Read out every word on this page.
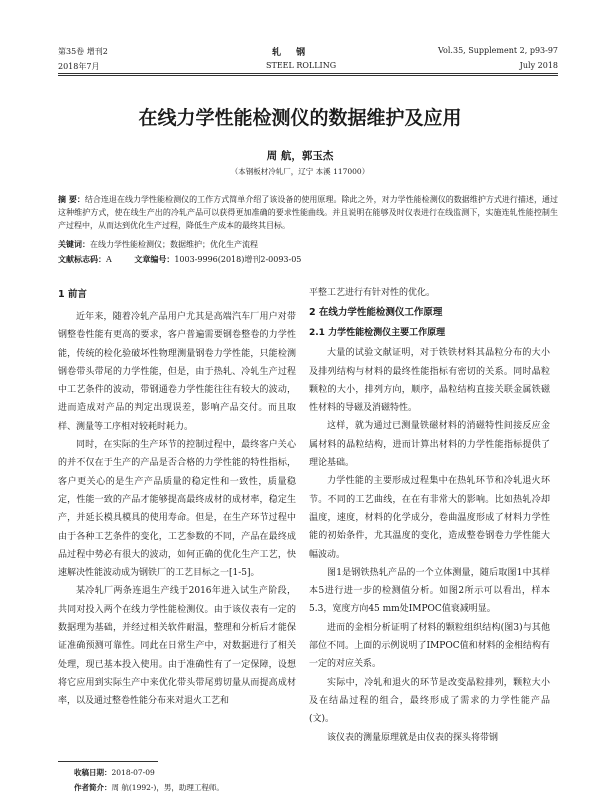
第35卷 增刊2
2018年7月
轧 钢
STEEL ROLLING
Vol.35, Supplement 2, p93-97
July 2018
在线力学性能检测仪的数据维护及应用
周 航，郭玉杰
（本钢板材冷轧厂，辽宁 本溪 117000）
摘 要：结合连退在线力学性能检测仪的工作方式简单介绍了该设备的使用原理。除此之外，对力学性能检测仪的数据维护方式进行描述，通过这种维护方式，使在线生产出的冷轧产品可以获得更加准确的要求性能曲线。并且说明在能够及时仪表进行在线监测下，实施连轧性能控制生产过程中，从而达到优化生产过程，降低生产成本的最终其目标。
关键词：在线力学性能检测仪；数据维护；优化生产流程
文献标志码：A	文章编号：1003-9996(2018)增刊2-0093-05
1 前言

近年来，随着冷轧产品用户尤其是高端汽车厂用户对带钢整卷性能有更高的要求，客户普遍需要钢卷整卷的力学性能，传统的检化验破坏性物理测量钢卷力学性能，只能检测钢卷带头带尾的力学性能，但是，由于热轧、冷轧生产过程中工艺条件的波动，带钢通卷力学性能往往有较大的波动，进而造成对产品的判定出现误差，影响产品交付。而且取样、测量等工序相对较耗时耗力。

同时，在实际的生产环节的控制过程中，最终客户关心的并不仅在于生产的产品是否合格的力学性能的特性指标，客户更关心的是生产产品质量的稳定性和一致性，质量稳定，性能一致的产品才能够提高最终成材的成材率，稳定生产，并延长模具模具的使用寿命。但是，在生产环节过程中由于各种工艺条件的变化，工艺参数的不同，产品在最终成品过程中势必有很大的波动，如何正确的优化生产工艺，快速解决性能波动成为钢铁厂的工艺目标之一[1-5]。

某冷轧厂两条连退生产线于2016年进入试生产阶段，共同对投入两个在线力学性能检测仪。由于该仪表有一定的数据理为基础，并经过相关软件耐温，整理和分析后才能保证准确预测可靠性。同此在日常生产中，对数据进行了相关处理，现已基本投入使用。由于准确性有了一定保障，设想将它应用到实际生产中来优化带头带尾剪切量从而提高成材率，以及通过整卷性能分布来对退火工艺和

平整工艺进行有针对性的优化。
2 在线力学性能检测仪工作原理
2.1 力学性能检测仪主要工作原理

大量的试验文献证明，对于铁铁材料其晶粒分布的大小及排列结构与材料的最终性能指标有密切的关系。同时晶粒颗粒的大小，排列方向，顺序，晶粒结构直接关联金属铁磁性材料的导磁及消磁特性。

这样，就为通过已测量铁磁材料的消磁特性间接反应金属材料的晶粒结构，进而计算出材料的力学性能指标提供了理论基础。

力学性能的主要形成过程集中在热轧环节和冷轧退火环节。不同的工艺曲线，在在有非常大的影响。比如热轧冷却温度，速度，材料的化学成分，卷曲温度形成了材料力学性能的初始条件，尤其温度的变化，造成整卷钢卷力学性能大幅波动。

图1是钢铁热轧产品的一个立体测量，随后取图1中其样本5进行进一步的检测值分析。如图2所示可以看出，样本5.3，宽度方向45 mm处IMPOC值衰减明显。

进而的金相分析证明了材料的颗粒组织结构(图3)与其他部位不同。上面的示例说明了IMPOC值和材料的金相结构有一定的对应关系。

实际中，冷轧和退火的环节是改变晶粒排列，颗粒大小及在结晶过程的组合，最终形成了需求的力学性能产品(文)。

该仪表的测量原理就是由仪表的探头将带钢

收稿日期：2018-07-09
作者简介：周 航(1992-)，男，助理工程师。
